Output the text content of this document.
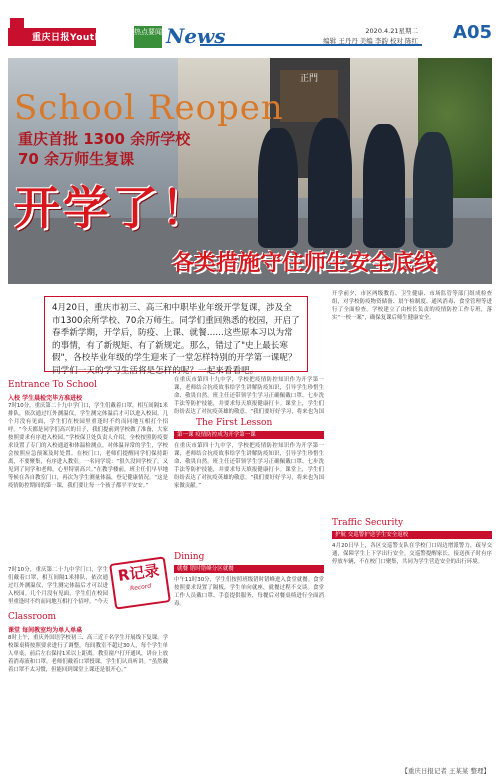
重庆日报YouthNews
热点要闻 News	2020.4.21星期二
编辑 王丹丹 美编 李韵 校对 陈红 A05
正門
School Reopen
重庆首批 1300 余所学校
70 余万师生复课
开学了！
各类措施守住师生安全底线
4月20日，重庆市初三、高三和中职毕业年级开学复课，涉及全市1300余所学校、70余万师生。同学们重回熟悉的校园，开启了春季新学期，开学后，防疫、上课、就餐……这些原本习以为常的事情，有了新规矩、有了新规定。那么，错过了"史上最长寒假"，各校毕业年级的学生迎来了一堂怎样特别的开学第一课呢？同学们一天的学习生活将是怎样的呢？一起来看看吧。
Entrance To School
入校 学生晨检完毕方准进校
7时10分，重庆第二十九中学门口，学生们戴着口罩，相互间隔1米排队，依次通过红外测温仪，学生测完体温后才可以进入校园。几个月没有见面，学生们在校园里重逢时不约而同地互相打个招呼。“今天都是同学们高兴的日子，我们提前到学校做了准备，大家按照要求有序进入校园。”学校保卫处负责人介绍，全校按照防疫要求设置了专门的入校通道和体温检测点。对体温异常的学生，学校会按照应急预案及时处置。在校门口，老师们提醒同学们保持距离，不要聚集，有序进入教室。一名同学说：“很久没回学校了，又见到了同学和老师，心里特别高兴。”在教学楼前，班主任们早早地等候在各自教室门口，再次为学生测量体温，登记健康情况。“这是疫情防控期间的第一课，我们要让每一个孩子都平平安安。”
R记录
Record
7时10分，重庆第二十九中学门口，学生们戴着口罩，相互间隔1米排队，依次通过红外测温仪，学生测完体温后才可以进入校园。几个月没有见面，学生们在校园里重逢时不约而同地互相打个招呼。“今天
Classroom
课堂 每间教室均为单人单桌
8时上午，重庆外国语学校初三、高三近千名学生开展线下复课。学校课桌椅按照要求进行了调整，每间教室不超过30人，每个学生单人单桌，前后左右保持1米以上距离。教室窗户打开通风，讲台上放着消毒液和口罩。老师们戴着口罩授课，学生们认真听讲。“虽然戴着口罩不太习惯，但能回到课堂上课还是很开心。”
在重庆市第四十九中学，学校把疫情防控知识作为开学第一课，老师结合抗疫故事给学生讲解防疫知识，引导学生珍惜生命、敬畏自然。班主任还带领学生学习正确佩戴口罩、七步洗手法等防护技能，并要求每天填报健康打卡。课堂上，学生们纷纷表达了对抗疫英雄的敬意。“我们要好好学习，将来也为国
The First Lesson
第一课 疫情防控成为开学第一课
在重庆市第四十九中学，学校把疫情防控知识作为开学第一课，老师结合抗疫故事给学生讲解防疫知识，引导学生珍惜生命、敬畏自然。班主任还带领学生学习正确佩戴口罩、七步洗手法等防护技能，并要求每天填报健康打卡。课堂上，学生们纷纷表达了对抗疫英雄的敬意。“我们要好好学习，将来也为国家做贡献。”
Dining
就餐 错时错峰分区就餐
中午11时30分，学生们按照班级错时错峰进入食堂就餐。食堂按照要求设置了隔板，学生单向就座，就餐过程不交谈。食堂工作人员戴口罩、手套提供服务，每餐后对餐桌椅进行全面消毒。
开学前夕，市区两级教育、卫生健康、市场监管等部门组成检查组，对学校防疫物资储备、晨午检制度、通风消毒、食堂管理等进行了全面检查。学校建立了由校长负责的疫情防控工作专班，落实“一校一案”，确保复课后师生健康安全。
Traffic Security
护航 交巡警护送学生安全返校
4月20日早上，各区交巡警支队在学校门口周边增派警力，疏导交通，保障学生上下学出行安全。交巡警提醒家长，接送孩子时有序停放车辆，不在校门口聚集，共同为学生营造安全的出行环境。
【重庆日报记者 王某某 整理】
